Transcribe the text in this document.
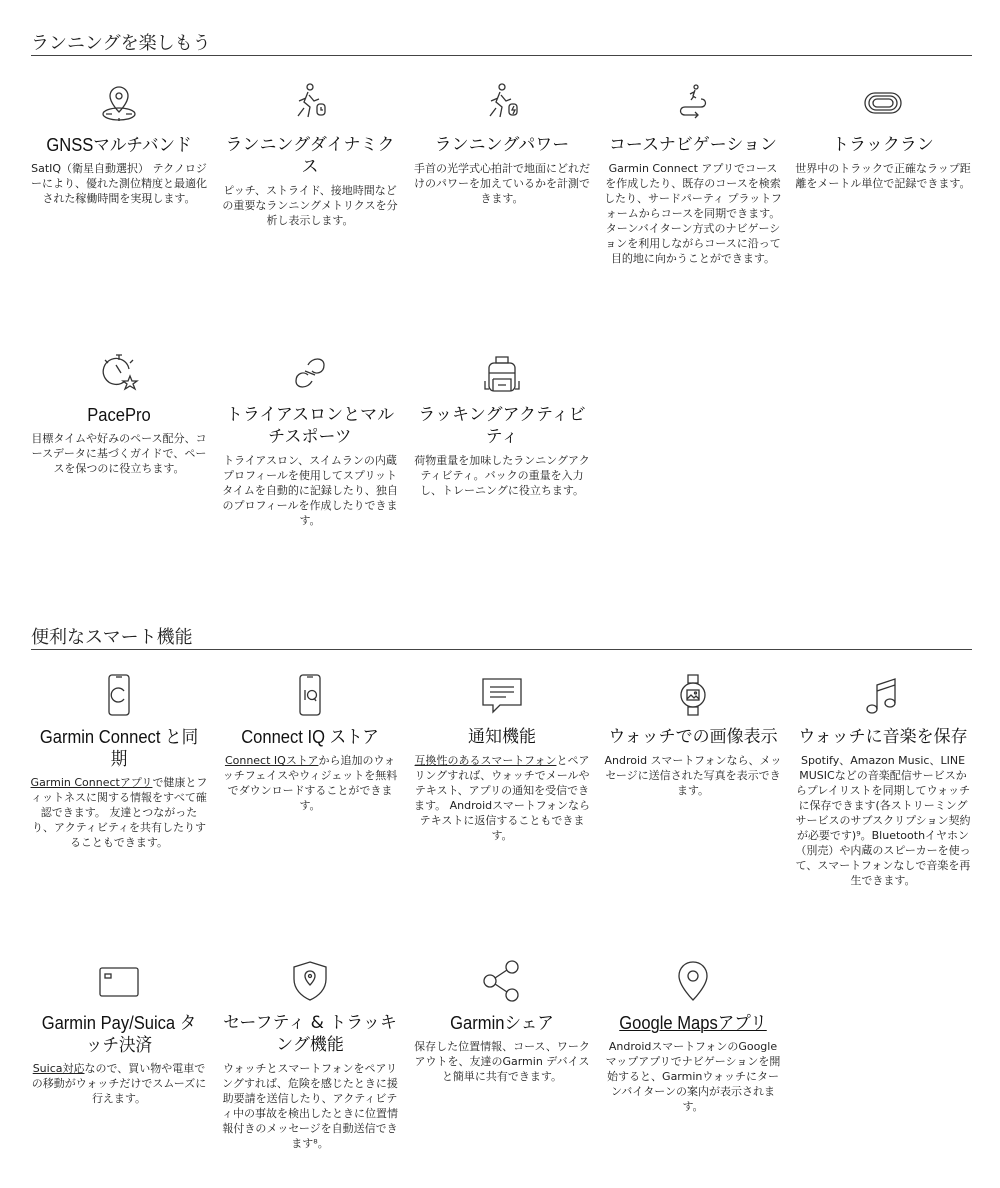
ランニングを楽しもう
GNSSマルチバンド
SatIQ（衛星自動選択） テクノロジーにより、優れた測位精度と最適化された稼働時間を実現します。
ランニングダイナミクス
ピッチ、ストライド、接地時間などの重要なランニングメトリクスを分析し表示します。
ランニングパワー
手首の光学式心拍計で地面にどれだけのパワーを加えているかを計測できます。
コースナビゲーション
Garmin Connect アプリでコースを作成したり、既存のコースを検索したり、サードパーティ プラットフォームからコースを同期できます。ターンバイターン方式のナビゲーションを利用しながらコースに沿って目的地に向かうことができます。
トラックラン
世界中のトラックで正確なラップ距離をメートル単位で記録できます。
PacePro
目標タイムや好みのペース配分、コースデータに基づくガイドで、ペースを保つのに役立ちます。
トライアスロンとマルチスポーツ
トライアスロン、スイムランの内蔵プロフィールを使用してスプリットタイムを自動的に記録したり、独自のプロフィールを作成したりできます。
ラッキングアクティビティ
荷物重量を加味したランニングアクティビティ。バックの重量を入力し、トレーニングに役立ちます。
便利なスマート機能
Garmin Connect と同期
Garmin Connectアプリで健康とフィットネスに関する情報をすべて確認できます。 友達とつながったり、アクティビティを共有したりすることもできます。
Connect IQ ストア
Connect IQストアから追加のウォッチフェイスやウィジェットを無料でダウンロードすることができます。
通知機能
互換性のあるスマートフォンとペアリングすれば、ウォッチでメールやテキスト、アプリの通知を受信できます。 Androidスマートフォンならテキストに返信することもできます。
ウォッチでの画像表示
Android スマートフォンなら、メッセージに送信された写真を表示できます。
ウォッチに音楽を保存
Spotify、Amazon Music、LINE MUSICなどの音楽配信サービスからプレイリストを同期してウォッチに保存できます(各ストリーミングサービスのサブスクリプション契約が必要です)⁹。Bluetoothイヤホン（別売）や内蔵のスピーカーを使って、スマートフォンなしで音楽を再生できます。
Garmin Pay/Suica タッチ決済
Suica対応なので、買い物や電車での移動がウォッチだけでスムーズに行えます。
セーフティ & トラッキング機能
ウォッチとスマートフォンをペアリングすれば、危険を感じたときに援助要請を送信したり、アクティビティ中の事故を検出したときに位置情報付きのメッセージを自動送信できます⁸。
Garminシェア
保存した位置情報、コース、ワークアウトを、友達のGarmin デバイスと簡単に共有できます。
Google Mapsアプリ
AndroidスマートフォンのGoogleマップアプリでナビゲーションを開始すると、Garminウォッチにターンバイターンの案内が表示されます。
